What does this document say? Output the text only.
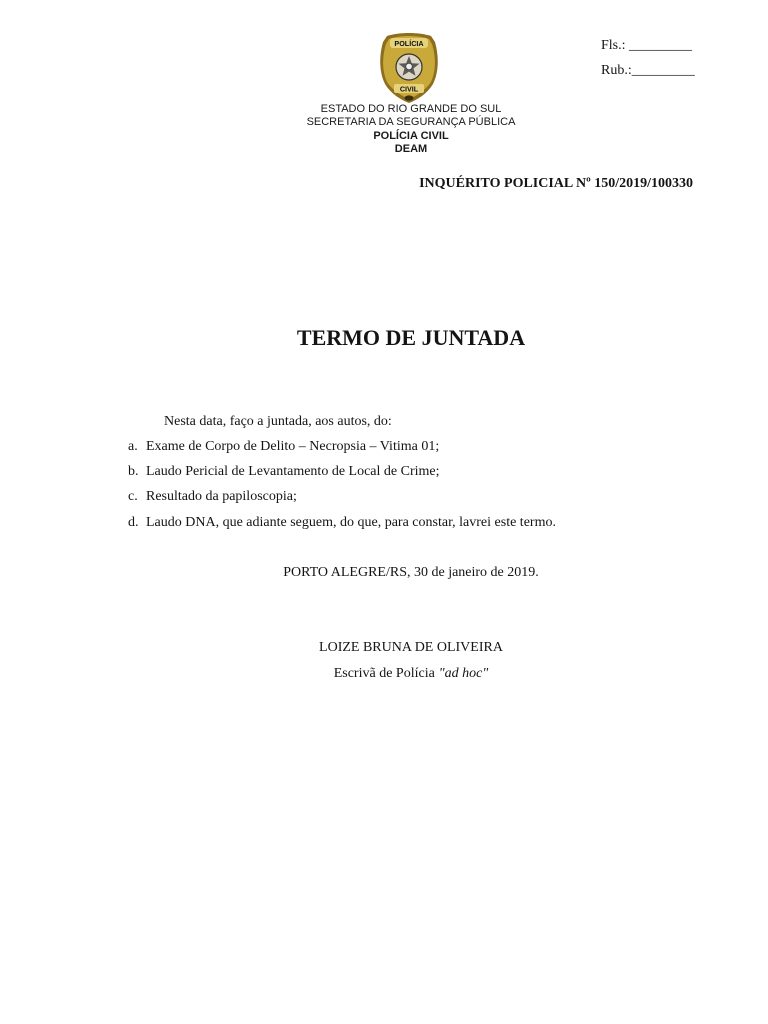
POLÍCIA
CIVIL
Fls.: _________
Rub.:_________
ESTADO DO RIO GRANDE DO SUL
SECRETARIA DA SEGURANÇA PÚBLICA
POLÍCIA CIVIL
DEAM
INQUÉRITO POLICIAL Nº 150/2019/100330
TERMO DE JUNTADA
Nesta data, faço a juntada, aos autos, do:
a. Exame de Corpo de Delito – Necropsia – Vitima 01;
b. Laudo Pericial de Levantamento de Local de Crime;
c. Resultado da papiloscopia;
d. Laudo DNA, que adiante seguem, do que, para constar, lavrei este termo.
PORTO ALEGRE/RS, 30 de janeiro de 2019.
LOIZE BRUNA DE OLIVEIRA
Escrivã de Polícia "ad hoc"
